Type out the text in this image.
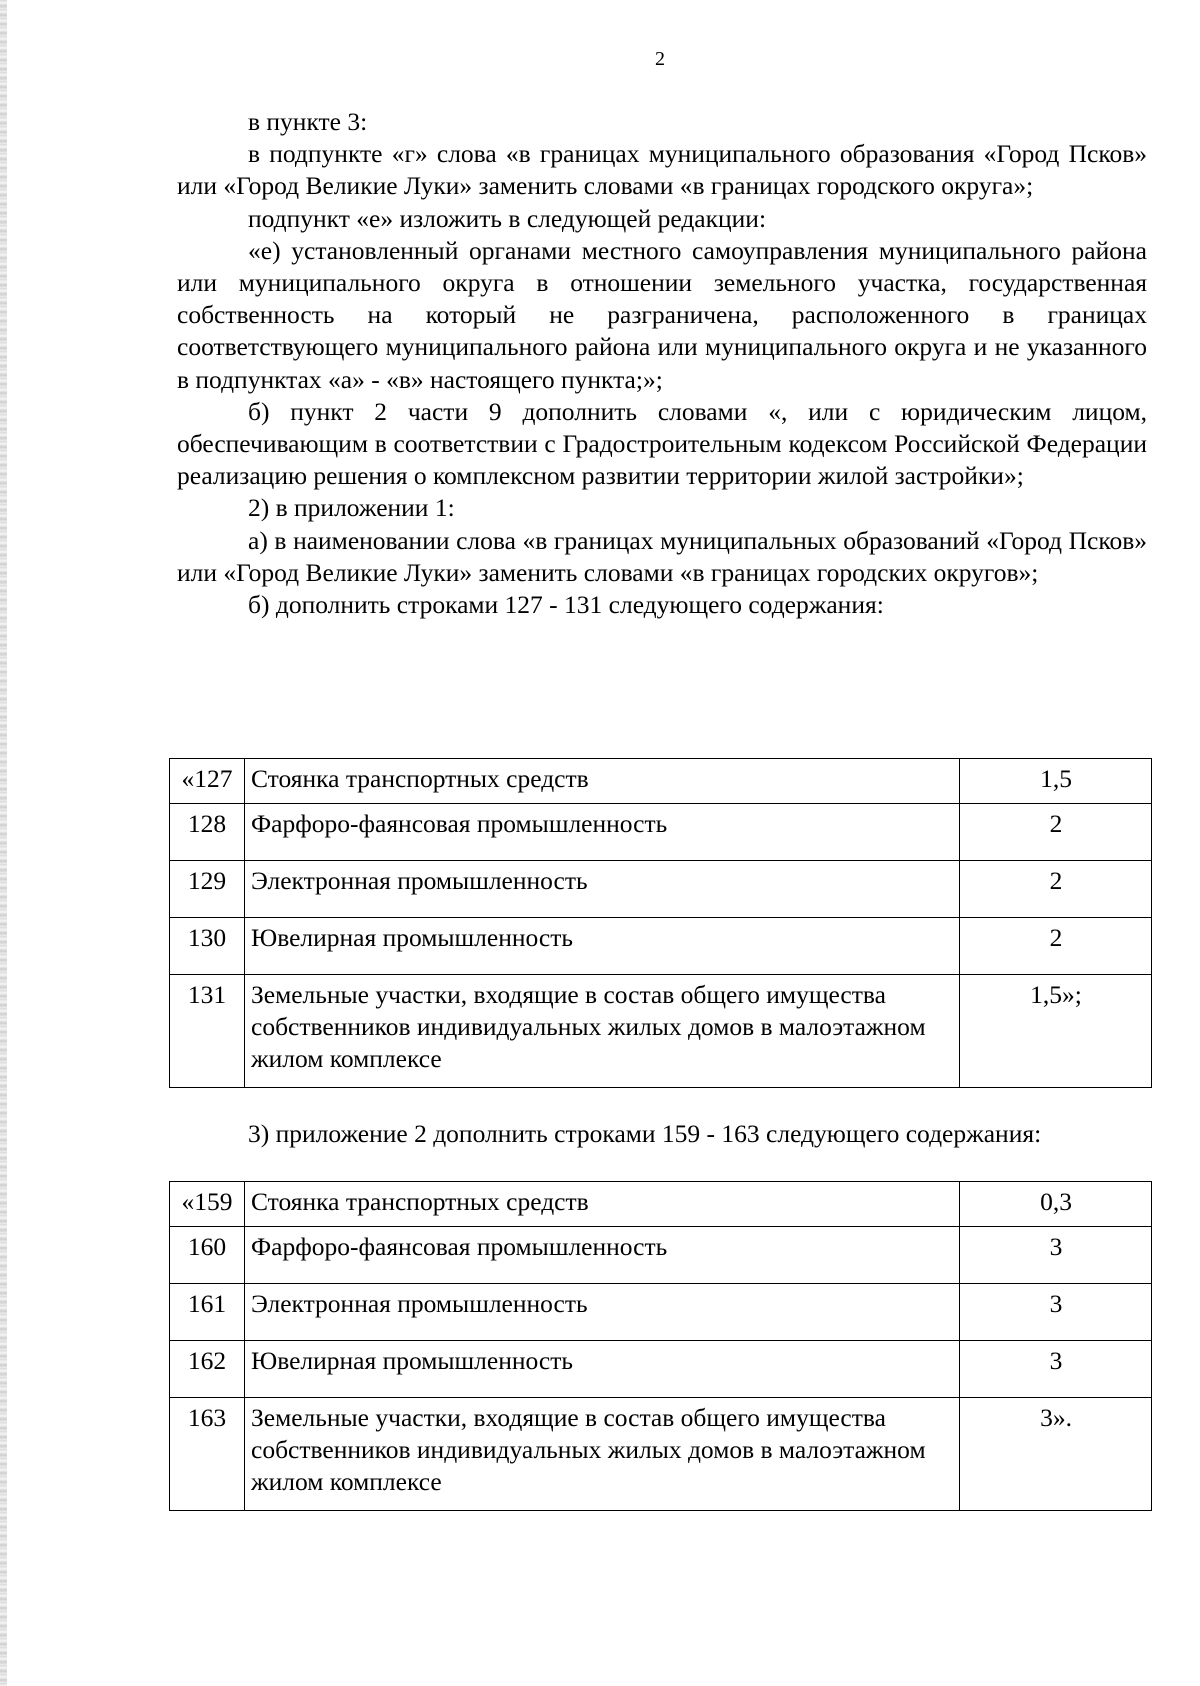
2

в пункте 3:

в подпункте «г» слова «в границах муниципального образования «Город Псков» или «Город Великие Луки» заменить словами «в границах городского округа»;

подпункт «е» изложить в следующей редакции:

«е) установленный органами местного самоуправления муниципального района или муниципального округа в отношении земельного участка, государственная собственность на который не разграничена, расположенного в границах соответствующего муниципального района или муниципального округа и не указанного в подпунктах «а» - «в» настоящего пункта;»;

б) пункт 2 части 9 дополнить словами «, или с юридическим лицом, обеспечивающим в соответствии с Градостроительным кодексом Российской Федерации реализацию решения о комплексном развитии территории жилой застройки»;

2) в приложении 1:

а) в наименовании слова «в границах муниципальных образований «Город Псков» или «Город Великие Луки» заменить словами «в границах городских округов»;

б) дополнить строками 127 - 131 следующего содержания:

«127	Стоянка транспортных средств	1,5
128	Фарфоро-фаянсовая промышленность	2
129	Электронная промышленность	2
130	Ювелирная промышленность	2
131	Земельные участки, входящие в состав общего имущества собственников индивидуальных жилых домов в малоэтажном жилом комплексе	1,5»;

3) приложение 2 дополнить строками 159 - 163 следующего содержания:

«159	Стоянка транспортных средств	0,3
160	Фарфоро-фаянсовая промышленность	3
161	Электронная промышленность	3
162	Ювелирная промышленность	3
163	Земельные участки, входящие в состав общего имущества собственников индивидуальных жилых домов в малоэтажном жилом комплексе	3».
